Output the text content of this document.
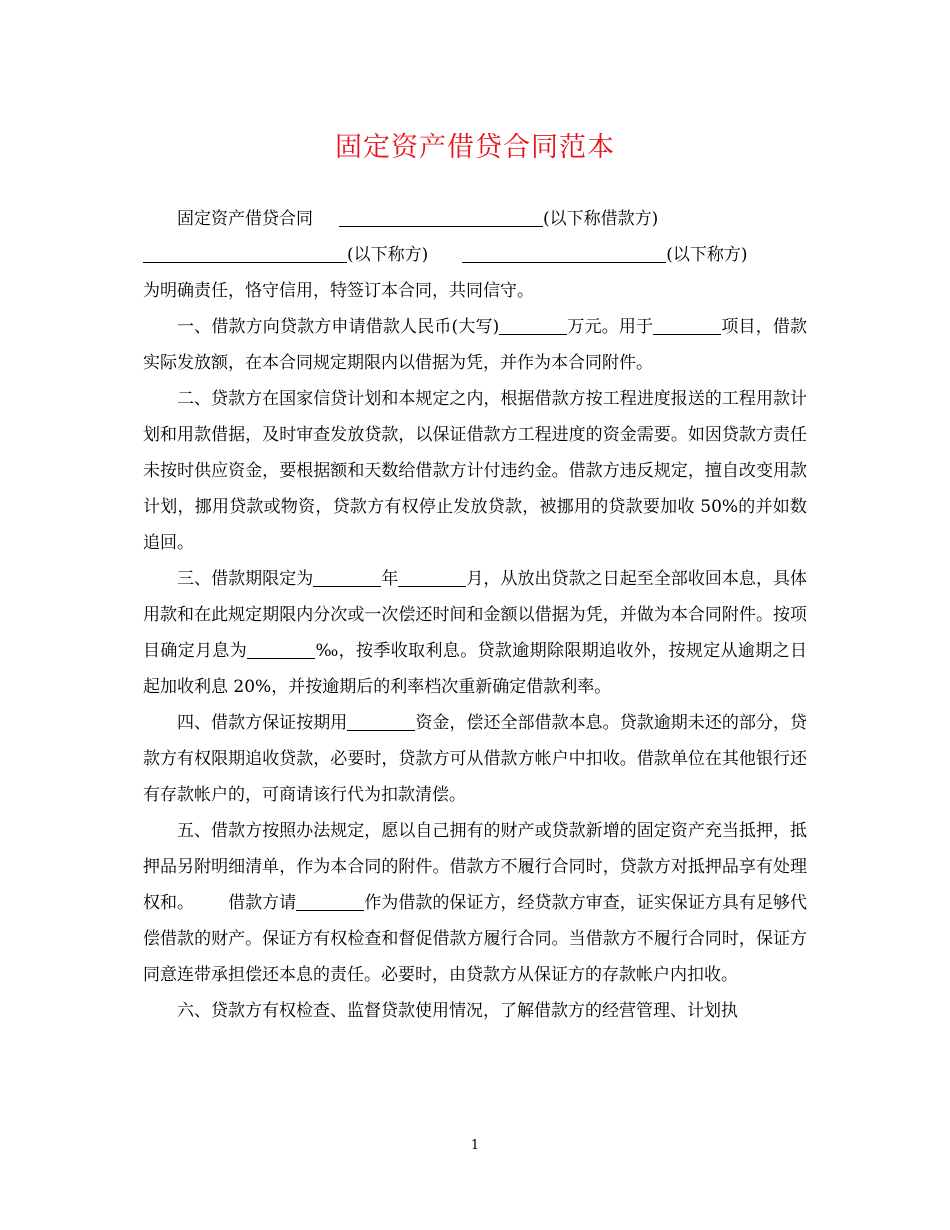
固定资产借贷合同范本

固定资产借贷合同	(以下称借款方)

(以下称方)	(以下称方)

为明确责任，恪守信用，特签订本合同，共同信守。

一、借款方向贷款方申请借款人民币(大写)	万元。用于	项目，借款实际发放额，在本合同规定期限内以借据为凭，并作为本合同附件。

二、贷款方在国家信贷计划和本规定之内，根据借款方按工程进度报送的工程用款计划和用款借据，及时审查发放贷款，以保证借款方工程进度的资金需要。如因贷款方责任未按时供应资金，要根据额和天数给借款方计付违约金。借款方违反规定，擅自改变用款计划，挪用贷款或物资，贷款方有权停止发放贷款，被挪用的贷款要加收 50%的并如数追回。

三、借款期限定为	年	月，从放出贷款之日起至全部收回本息，具体用款和在此规定期限内分次或一次偿还时间和金额以借据为凭，并做为本合同附件。按项目确定月息为	‰，按季收取利息。贷款逾期除限期追收外，按规定从逾期之日起加收利息 20%，并按逾期后的利率档次重新确定借款利率。

四、借款方保证按期用	资金，偿还全部借款本息。贷款逾期未还的部分，贷款方有权限期追收贷款，必要时，贷款方可从借款方帐户中扣收。借款单位在其他银行还有存款帐户的，可商请该行代为扣款清偿。

五、借款方按照办法规定，愿以自己拥有的财产或贷款新增的固定资产充当抵押，抵押品另附明细清单，作为本合同的附件。借款方不履行合同时，贷款方对抵押品享有处理权和。 借款方请	作为借款的保证方，经贷款方审查，证实保证方具有足够代偿借款的财产。保证方有权检查和督促借款方履行合同。当借款方不履行合同时，保证方同意连带承担偿还本息的责任。必要时，由贷款方从保证方的存款帐户内扣收。

六、贷款方有权检查、监督贷款使用情况，了解借款方的经营管理、计划执

1
